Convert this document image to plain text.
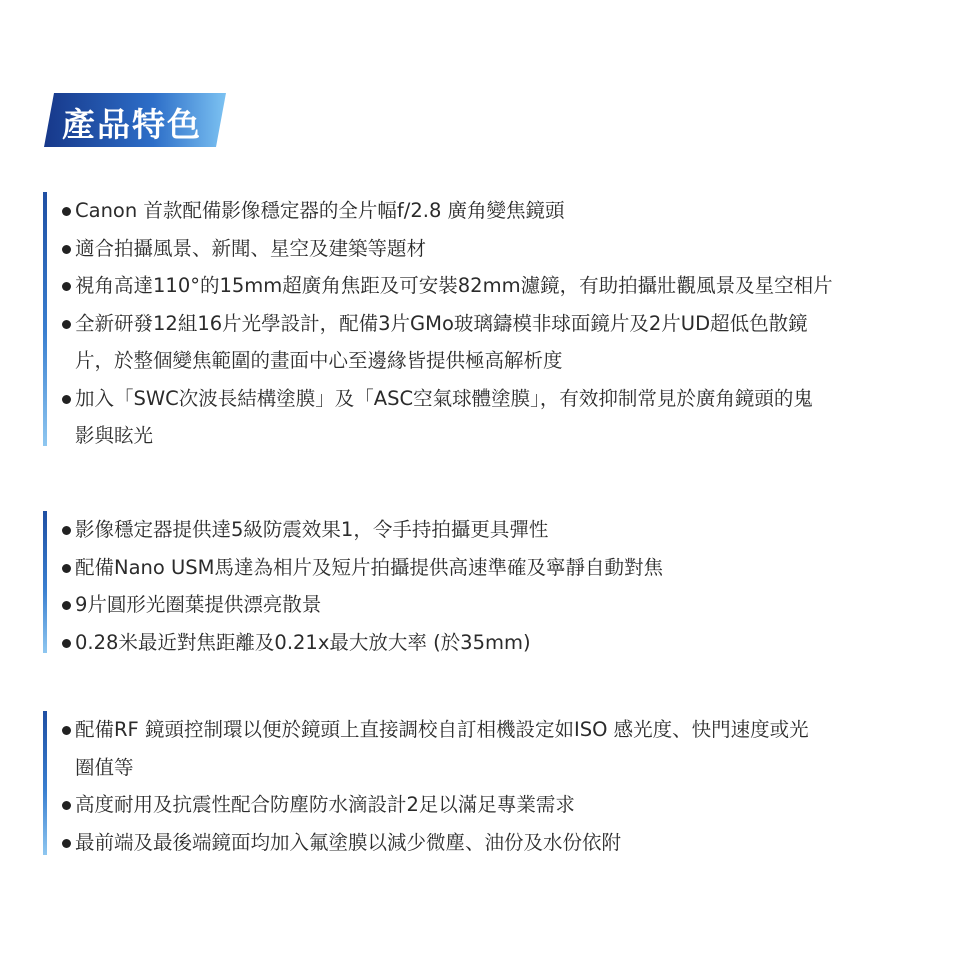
產品特色
Canon 首款配備影像穩定器的全片幅f/2.8 廣角變焦鏡頭
適合拍攝風景、新聞、星空及建築等題材
視角高達110°的15mm超廣角焦距及可安裝82mm濾鏡，有助拍攝壯觀風景及星空相片
全新研發12組16片光學設計，配備3片GMo玻璃鑄模非球面鏡片及2片UD超低色散鏡
片，於整個變焦範圍的畫面中心至邊緣皆提供極高解析度
加入「SWC次波長結構塗膜」及「ASC空氣球體塗膜」，有效抑制常見於廣角鏡頭的鬼
影與眩光
影像穩定器提供達5級防震效果1，令手持拍攝更具彈性
配備Nano USM馬達為相片及短片拍攝提供高速準確及寧靜自動對焦
9片圓形光圈葉提供漂亮散景
0.28米最近對焦距離及0.21x最大放大率 (於35mm)
配備RF 鏡頭控制環以便於鏡頭上直接調校自訂相機設定如ISO 感光度、快門速度或光
圈值等
高度耐用及抗震性配合防塵防水滴設計2足以滿足專業需求
最前端及最後端鏡面均加入氟塗膜以減少微塵、油份及水份依附
